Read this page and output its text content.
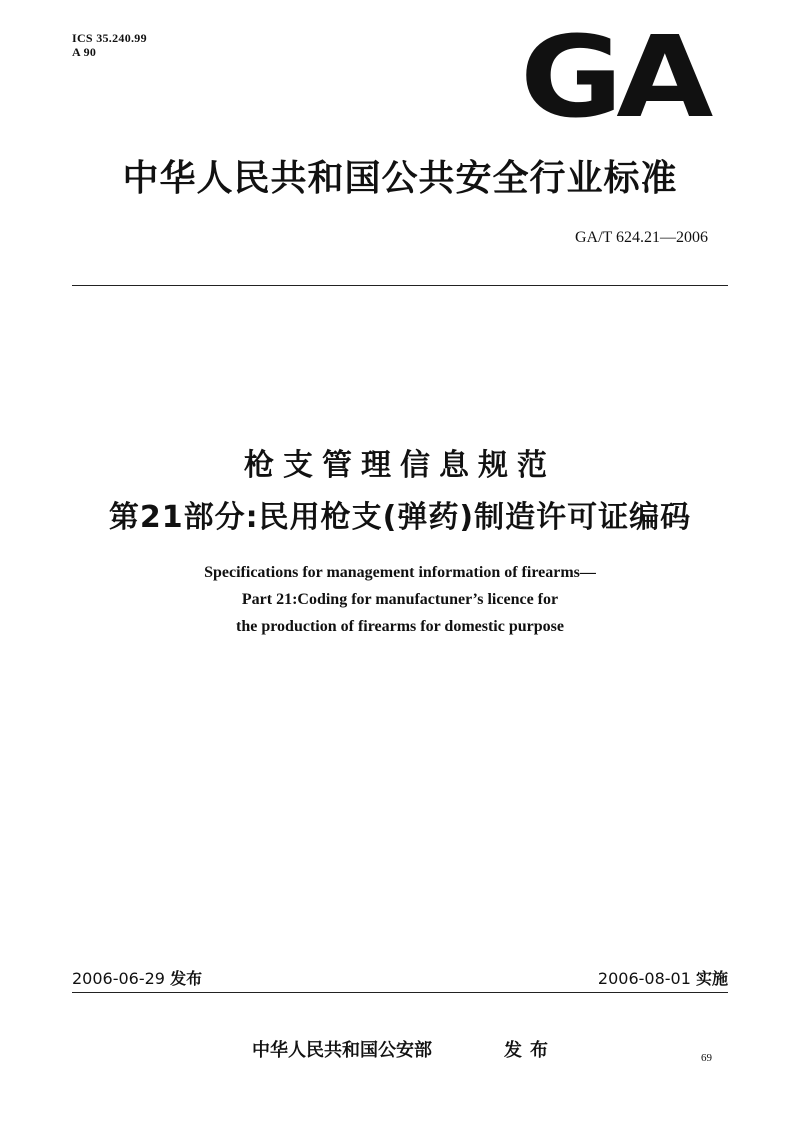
ICS 35.240.99
A 90	GA
中华人民共和国公共安全行业标准
GA/T 624.21—2006
枪支管理信息规范
第21部分:民用枪支(弹药)制造许可证编码
Specifications for management information of firearms—
Part 21:Coding for manufactuner’s licence for
the production of firearms for domestic purpose
2006-06-29 发布	2006-08-01 实施
中华人民共和国公安部	发布	69
